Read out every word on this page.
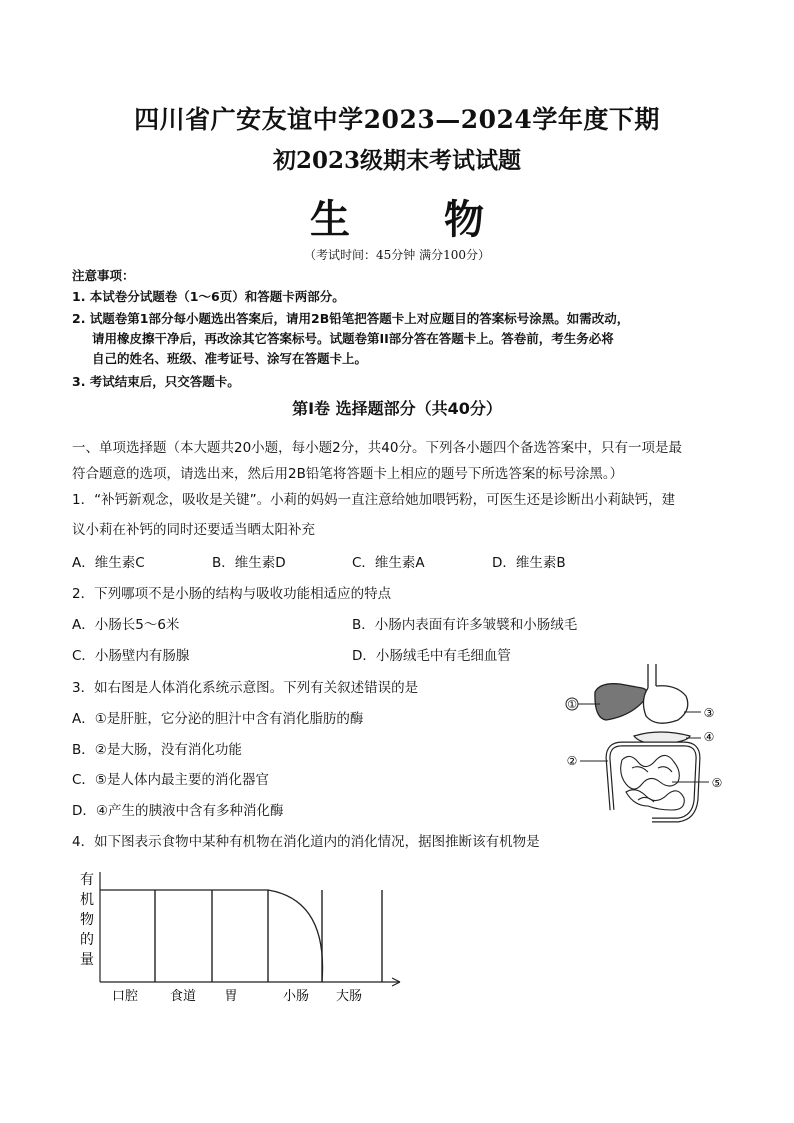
四川省广安友谊中学2023—2024学年度下期
初2023级期末考试试题
生 物
（考试时间：45分钟 满分100分）
注意事项：
1. 本试卷分试题卷（1～6页）和答题卡两部分。
2. 试题卷第1部分每小题选出答案后，请用2B铅笔把答题卡上对应题目的答案标号涂黑。如需改动，
请用橡皮擦干净后，再改涂其它答案标号。试题卷第II部分答在答题卡上。答卷前，考生务必将
自己的姓名、班级、准考证号、涂写在答题卡上。
3. 考试结束后，只交答题卡。
第Ⅰ卷 选择题部分（共40分）
一、单项选择题（本大题共20小题，每小题2分，共40分。下列各小题四个备选答案中，只有一项是最
符合题意的选项，请选出来，然后用2B铅笔将答题卡上相应的题号下所选答案的标号涂黑。）
1．“补钙新观念，吸收是关键”。小莉的妈妈一直注意给她加喂钙粉，可医生还是诊断出小莉缺钙，建
议小莉在补钙的同时还要适当晒太阳补充
A．维生素C	B．维生素D	C．维生素A	D．维生素B
2．下列哪项不是小肠的结构与吸收功能相适应的特点
A．小肠长5～6米	B．小肠内表面有许多皱襞和小肠绒毛
C．小肠壁内有肠腺	D．小肠绒毛中有毛细血管
3．如右图是人体消化系统示意图。下列有关叙述错误的是
A．①是肝脏，它分泌的胆汁中含有消化脂肪的酶
B．②是大肠，没有消化功能
C．⑤是人体内最主要的消化器官
D．④产生的胰液中含有多种消化酶
①
②
③
④
⑤
4．如下图表示食物中某种有机物在消化道内的消化情况，据图推断该有机物是
有机物的量
口腔 食道 胃	小肠 大肠
